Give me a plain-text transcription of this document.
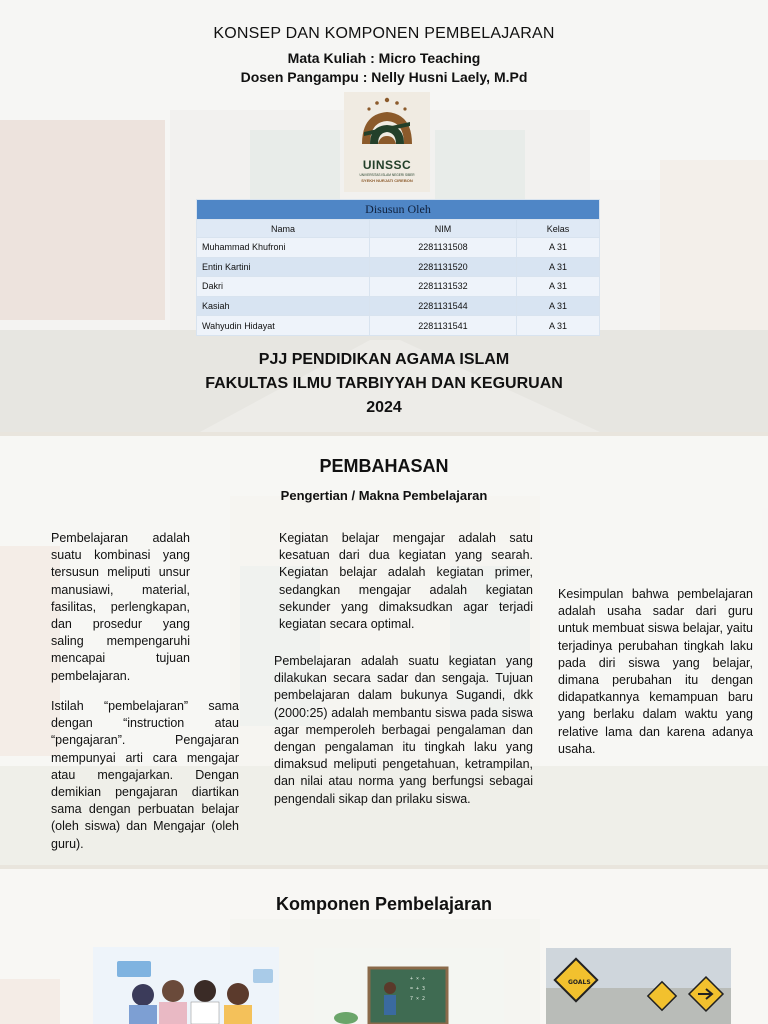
KONSEP DAN KOMPONEN PEMBELAJARAN
Mata Kuliah : Micro Teaching
Dosen Pangampu : Nelly Husni Laely, M.Pd
UINSSC
UNIVERSITAS ISLAM NEGERI SIBER
SYEKH NURJATI CIREBON
Disusun Oleh		
Nama	NIM	Kelas
Muhammad Khufroni	2281131508	A 31
Entin Kartini	2281131520	A 31
Dakri	2281131532	A 31
Kasiah	2281131544	A 31
Wahyudin Hidayat	2281131541	A 31
PJJ PENDIDIKAN AGAMA ISLAM
FAKULTAS ILMU TARBIYYAH DAN KEGURUAN
2024
PEMBAHASAN
Pengertian / Makna Pembelajaran

Pembelajaran adalah suatu kombinasi yang tersusun meliputi unsur manusiawi, material, fasilitas, perlengkapan, dan prosedur yang saling mempengaruhi mencapai tujuan pembelajaran.

Istilah “pembelajaran” sama dengan “instruction atau “pengajaran”. Pengajaran mempunyai arti cara mengajar atau mengajarkan. Dengan demikian pengajaran diartikan sama dengan perbuatan belajar (oleh siswa) dan Mengajar (oleh guru).

Kegiatan belajar mengajar adalah satu kesatuan dari dua kegiatan yang searah. Kegiatan belajar adalah kegiatan primer, sedangkan mengajar adalah kegiatan sekunder yang dimaksudkan agar terjadi kegiatan secara optimal.

Pembelajaran adalah suatu kegiatan yang dilakukan secara sadar dan sengaja. Tujuan pembelajaran dalam bukunya Sugandi, dkk (2000:25) adalah membantu siswa pada siswa agar memperoleh berbagai pengalaman dan dengan pengalaman itu tingkah laku yang dimaksud meliputi pengetahuan, ketrampilan, dan nilai atau norma yang berfungsi sebagai pengendali sikap dan prilaku siswa.

Kesimpulan bahwa pembelajaran adalah usaha sadar dari guru untuk membuat siswa belajar, yaitu terjadinya perubahan tingkah laku pada diri siswa yang belajar, dimana perubahan itu dengan didapatkannya kemampuan baru yang berlaku dalam waktu yang relative lama dan karena adanya usaha.

Komponen Pembelajaran
+ × ÷
= + 3
7 × 2
GOALS
